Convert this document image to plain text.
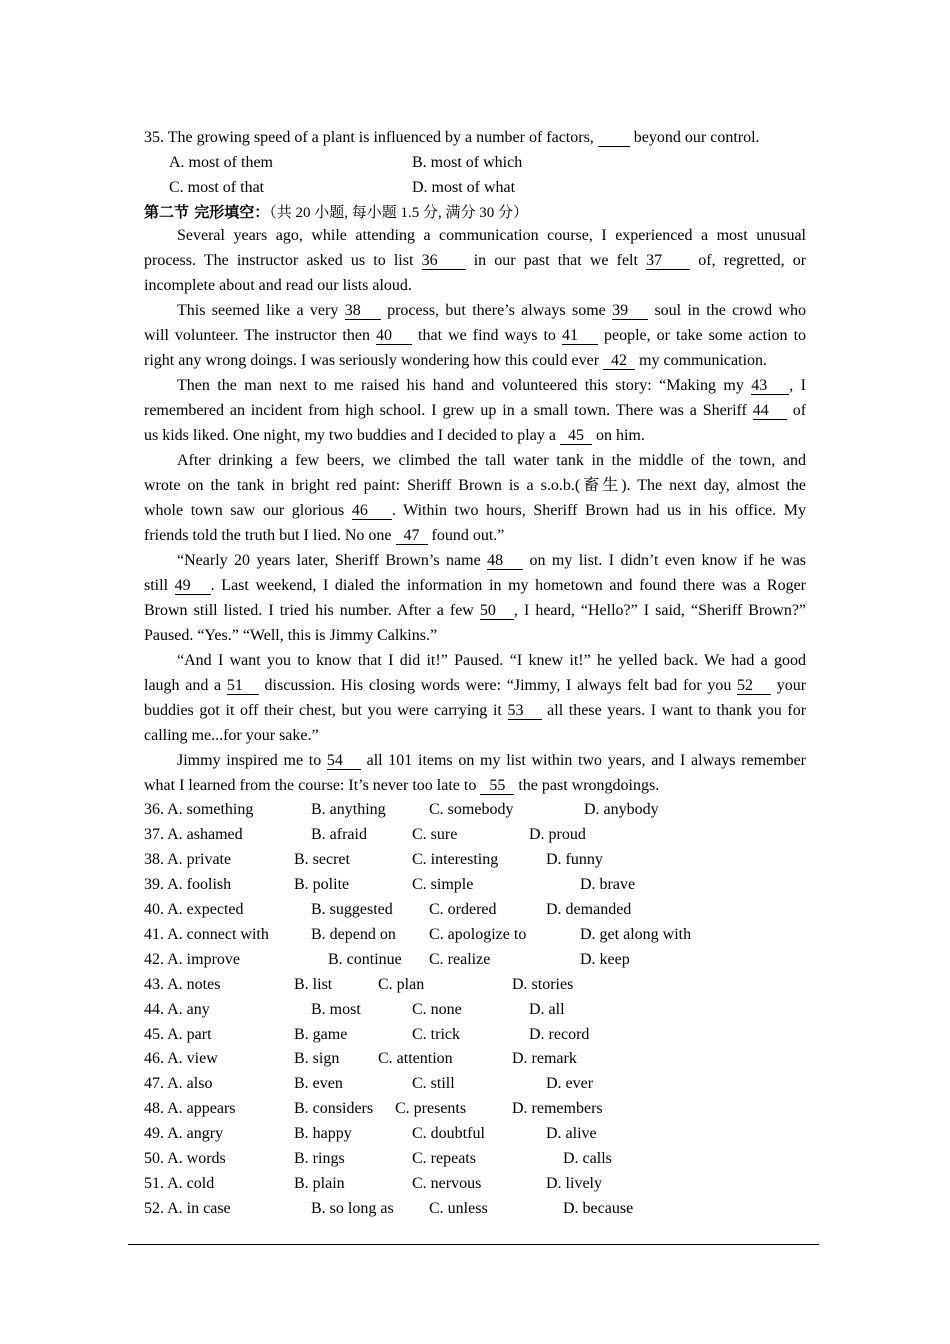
35. The growing speed of a plant is influenced by a number of factors,	beyond our control.
A. most of them	B. most of which
C. most of that	D. most of what
第二节 完形填空：（共 20 小题, 每小题 1.5 分, 满分 30 分）
Several years ago, while attending a communication course, I experienced a most unusual
process. The instructor asked us to list 36 in our past that we felt 37 of, regretted, or
incomplete about and read our lists aloud.
This seemed like a very 38 process, but there’s always some 39 soul in the crowd who
will volunteer. The instructor then 40 that we find ways to 41 people, or take some action to
right any wrong doings. I was seriously wondering how this could ever 42 my communication.
Then the man next to me raised his hand and volunteered this story: “Making my 43 , I
remembered an incident from high school. I grew up in a small town. There was a Sheriff 44 of
us kids liked. One night, my two buddies and I decided to play a 45 on him.
After drinking a few beers, we climbed the tall water tank in the middle of the town, and
wrote on the tank in bright red paint: Sheriff Brown is a s.o.b.(畜生). The next day, almost the
whole town saw our glorious 46 . Within two hours, Sheriff Brown had us in his office. My
friends told the truth but I lied. No one 47 found out.”
“Nearly 20 years later, Sheriff Brown’s name 48 on my list. I didn’t even know if he was
still 49 . Last weekend, I dialed the information in my hometown and found there was a Roger
Brown still listed. I tried his number. After a few 50 , I heard, “Hello?” I said, “Sheriff Brown?”
Paused. “Yes.” “Well, this is Jimmy Calkins.”
“And I want you to know that I did it!” Paused. “I knew it!” he yelled back. We had a good
laugh and a 51 discussion. His closing words were: “Jimmy, I always felt bad for you 52 your
buddies got it off their chest, but you were carrying it 53 all these years. I want to thank you for
calling me...for your sake.”
Jimmy inspired me to 54 all 101 items on my list within two years, and I always remember
what I learned from the course: It’s never too late to 55 the past wrongdoings.
36. A. something	B. anything	C. somebody	D. anybody
37. A. ashamed	B. afraid	C. sure	D. proud
38. A. private	B. secret	C. interesting	D. funny
39. A. foolish	B. polite	C. simple	D. brave
40. A. expected	B. suggested C. ordered	D. demanded
41. A. connect with	B. depend on C. apologize to	D. get along with
42. A. improve	B. continue C. realize	D. keep
43. A. notes	B. list	C. plan	D. stories
44. A. any	B. most	C. none	D. all
45. A. part	B. game	C. trick	D. record
46. A. view	B. sign C. attention	D. remark
47. A. also	B. even	C. still	D. ever
48. A. appears	B. considers C. presents	D. remembers
49. A. angry	B. happy	C. doubtful	D. alive
50. A. words	B. rings	C. repeats	D. calls
51. A. cold	B. plain	C. nervous	D. lively
52. A. in case	B. so long as C. unless	D. because
